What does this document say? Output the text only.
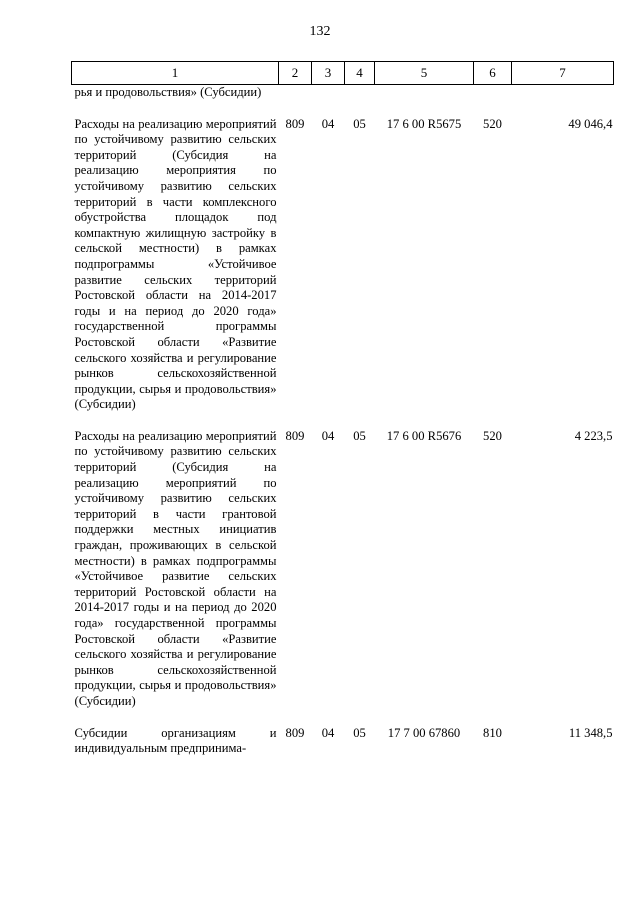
132
1	2	3	4	5	6	7
рья и продовольствия» (Субсидии)						

Расходы на реализацию мероприятий по устойчивому развитию сельских территорий (Субсидия на реализацию мероприятия по устойчивому развитию сельских территорий в части комплексного обустройства площадок под компактную жилищную застройку в сельской местности) в рамках подпрограммы «Устойчивое развитие сельских территорий Ростовской области на 2014-2017 годы и на период до 2020 года» государственной программы Ростовской области «Развитие сельского хозяйства и регулирование рынков сельскохозяйственной продукции, сырья и продовольствия» (Субсидии)	809	04	05	17 6 00 R5675	520	49 046,4

Расходы на реализацию мероприятий по устойчивому развитию сельских территорий (Субсидия на реализацию мероприятий по устойчивому развитию сельских территорий в части грантовой поддержки местных инициатив граждан, проживающих в сельской местности) в рамках подпрограммы «Устойчивое развитие сельских территорий Ростовской области на 2014-2017 годы и на период до 2020 года» государственной программы Ростовской области «Развитие сельского хозяйства и регулирование рынков сельскохозяйственной продукции, сырья и продовольствия» (Субсидии)	809	04	05	17 6 00 R5676	520	4 223,5

Субсидии организациям и индивидуальным предпринима-	809	04	05	17 7 00 67860	810	11 348,5
